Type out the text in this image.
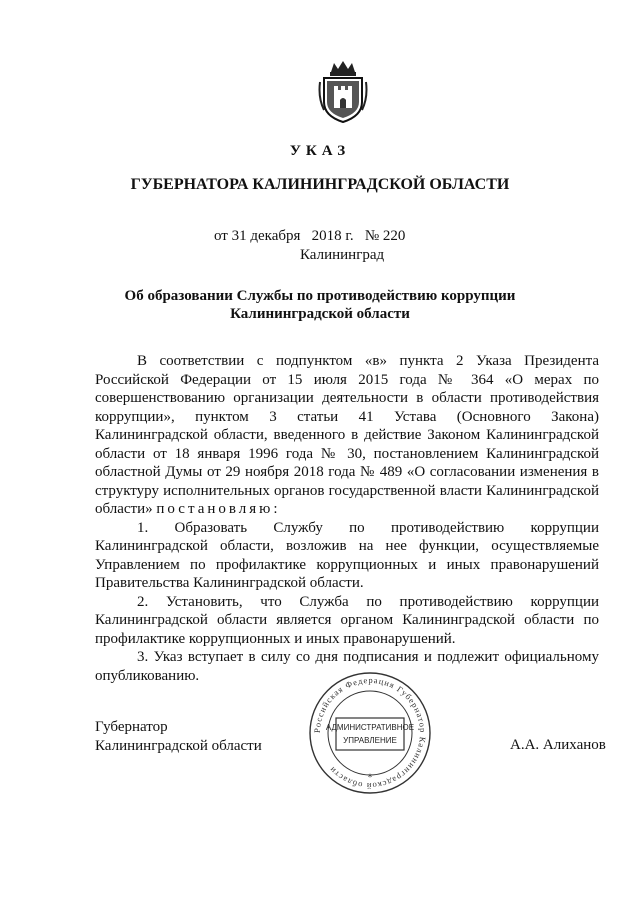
УКАЗ
ГУБЕРНАТОРА КАЛИНИНГРАДСКОЙ ОБЛАСТИ
от 31 декабря   2018 г.   № 220
Калининград
Об образовании Службы по противодействию коррупции
Калининградской области

В соответствии с подпунктом «в» пункта 2 Указа Президента Российской Федерации от 15 июля 2015 года № 364 «О мерах по совершенствованию организации деятельности в области противодействия коррупции», пунктом 3 статьи 41 Устава (Основного Закона) Калининградской области, введенного в действие Законом Калининградской области от 18 января 1996 года № 30, постановлением Калининградской областной Думы от 29 ноября 2018 года № 489 «О согласовании изменения в структуру исполнительных органов государственной власти Калининградской области» постановляю:

1. Образовать Службу по противодействию коррупции Калининградской области, возложив на нее функции, осуществляемые Управлением по профилактике коррупционных и иных правонарушений Правительства Калининградской области.

2. Установить, что Служба по противодействию коррупции Калининградской области является органом Калининградской области по профилактике коррупционных и иных правонарушений.

3. Указ вступает в силу со дня подписания и подлежит официальному опубликованию.

Губернатор
Калининградской области	А.А. Алиханов
Российская Федерация Губернатор Калининградской области
АДМИНИСТРАТИВНОЕ
УПРАВЛЕНИЕ
*
